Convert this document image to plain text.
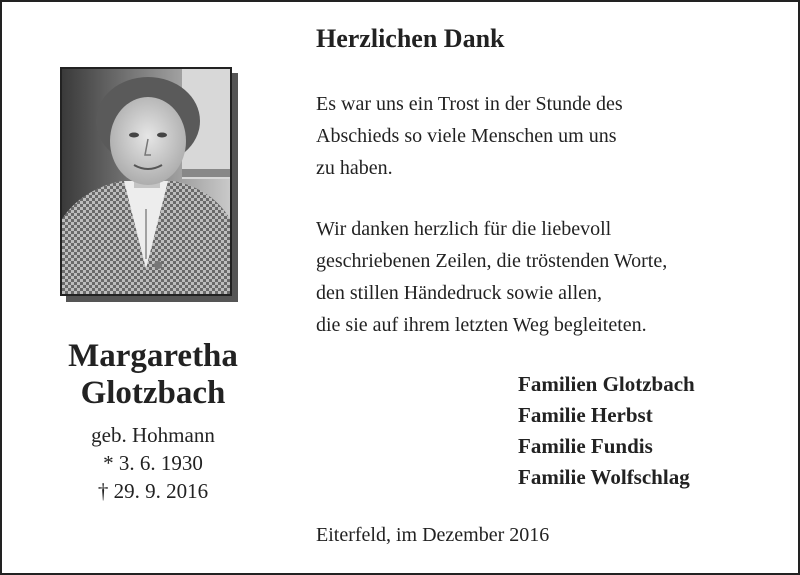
Margaretha
Glotzbach
geb. Hohmann
* 3. 6. 1930
† 29. 9. 2016
Herzlichen Dank
Es war uns ein Trost in der Stunde des
Abschieds so viele Menschen um uns
zu haben.
Wir danken herzlich für die liebevoll
geschriebenen Zeilen, die tröstenden Worte,
den stillen Händedruck sowie allen,
die sie auf ihrem letzten Weg begleiteten.
Familien Glotzbach
Familie Herbst
Familie Fundis
Familie Wolfschlag
Eiterfeld, im Dezember 2016
